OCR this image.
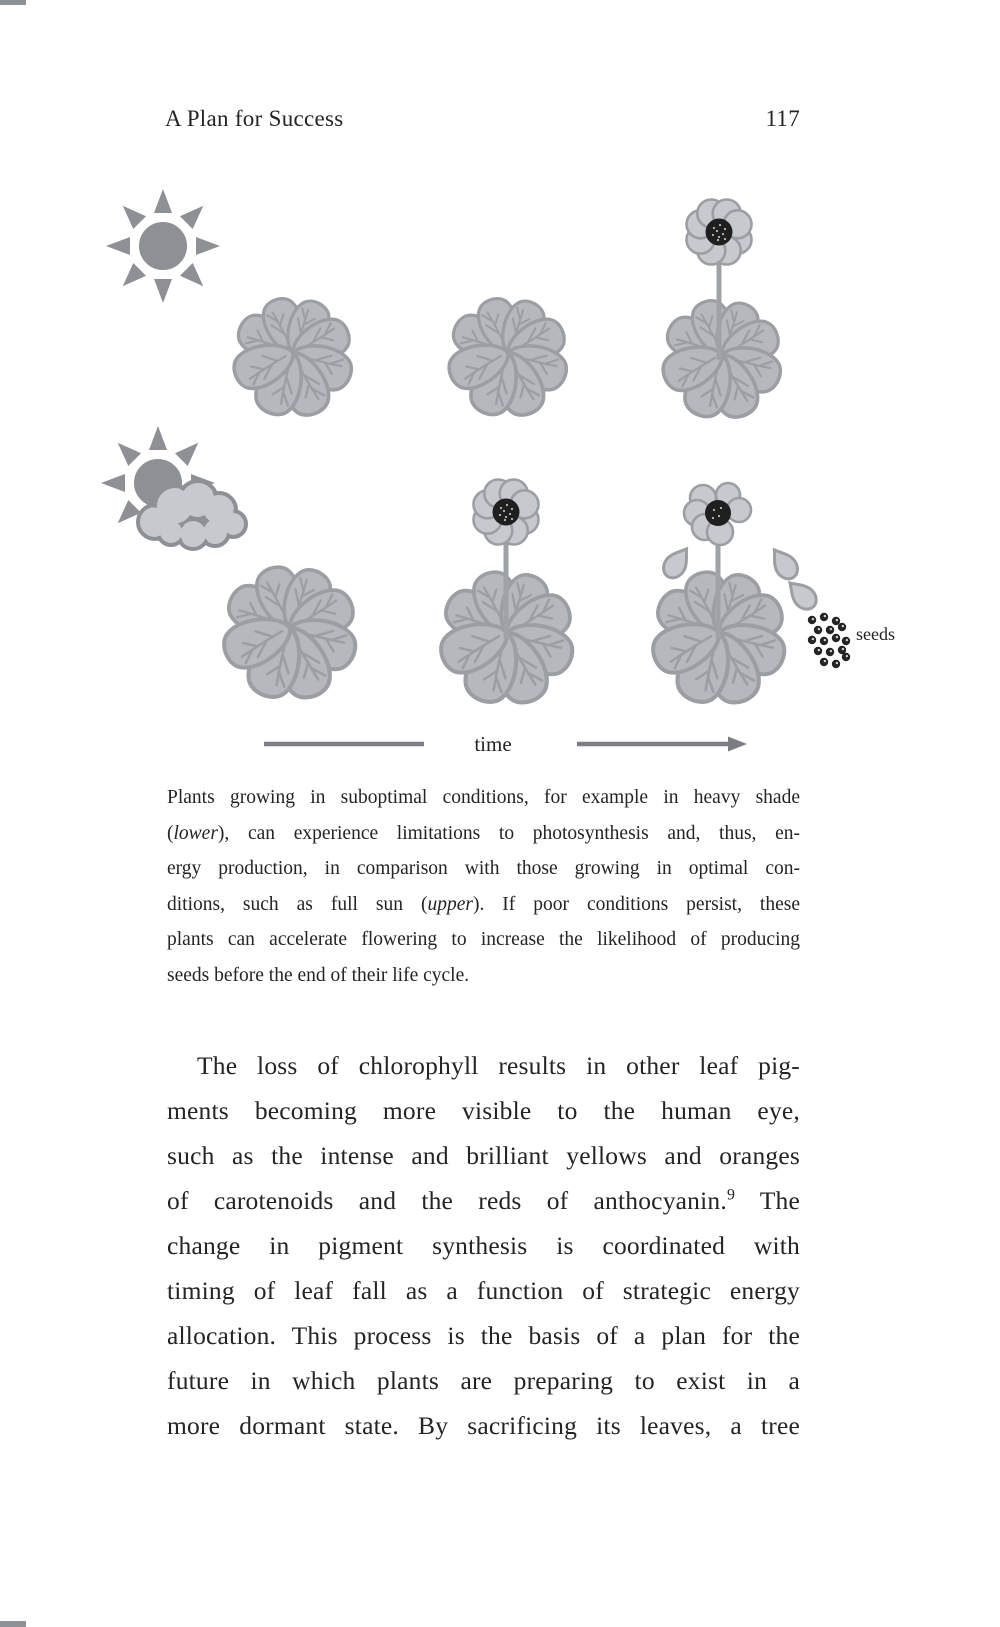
A Plan for Success	117
seeds
time
Plants growing in suboptimal conditions, for example in heavy shade
(lower), can experience limitations to photosynthesis and, thus, en-
ergy production, in comparison with those growing in optimal con-
ditions, such as full sun (upper). If poor conditions persist, these
plants can accelerate flowering to increase the likelihood of producing
seeds before the end of their life cycle.
The loss of chlorophyll results in other leaf pig-
ments becoming more visible to the human eye,
such as the intense and brilliant yellows and oranges
of carotenoids and the reds of anthocyanin.$^9$ The
change in pigment synthesis is coordinated with
timing of leaf fall as a function of strategic energy
allocation. This process is the basis of a plan for the
future in which plants are preparing to exist in a
more dormant state. By sacrificing its leaves, a tree
